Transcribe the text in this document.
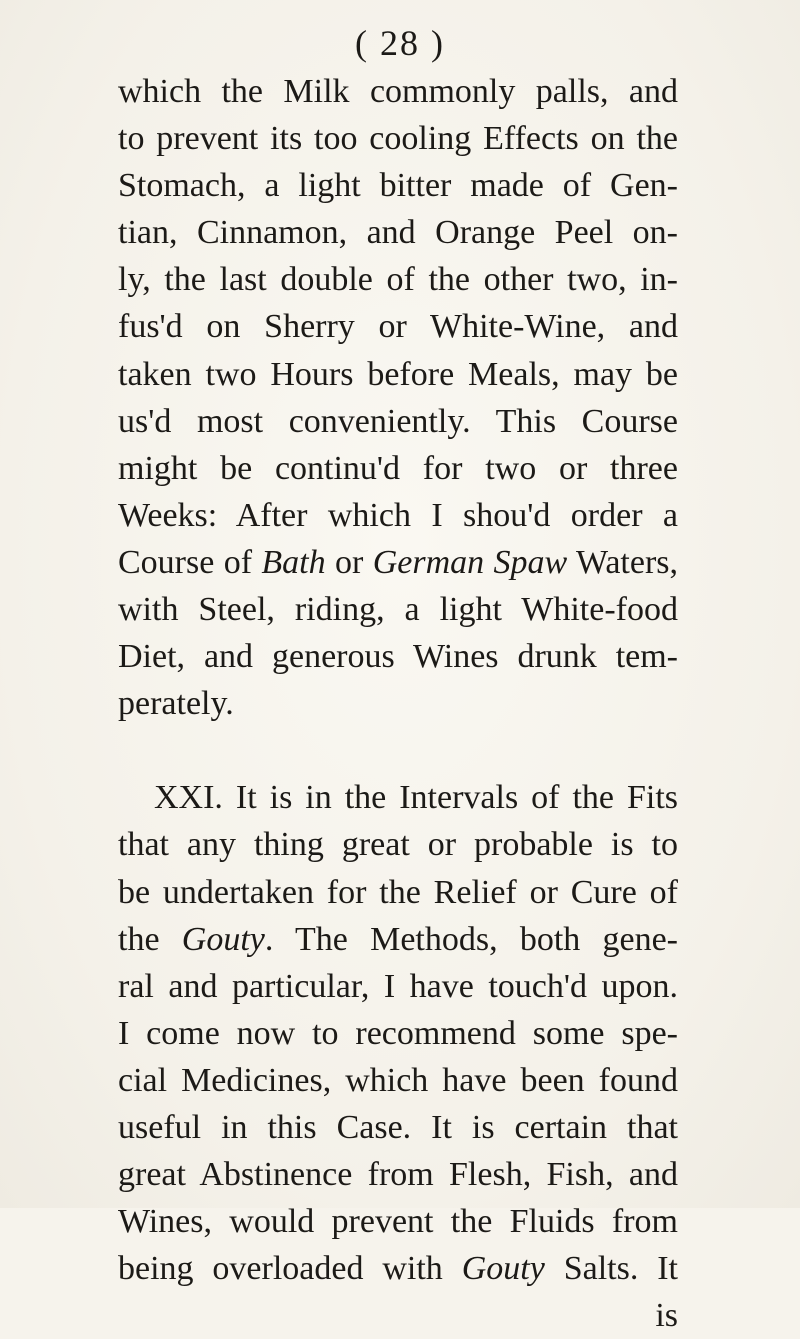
( 28 )
which the Milk commonly palls, and
to prevent its too cooling Effects on the
Stomach, a light bitter made of Gen-
tian, Cinnamon, and Orange Peel on-
ly, the last double of the other two, in-
fus'd on Sherry or White-Wine, and
taken two Hours before Meals, may be
us'd most conveniently. This Course
might be continu'd for two or three
Weeks: After which I shou'd order a
Course of Bath or German Spaw Waters,
with Steel, riding, a light White-food
Diet, and generous Wines drunk tem-
perately.
XXI. It is in the Intervals of the Fits
that any thing great or probable is to
be undertaken for the Relief or Cure of
the Gouty. The Methods, both gene-
ral and particular, I have touch'd upon.
I come now to recommend some spe-
cial Medicines, which have been found
useful in this Case. It is certain that
great Abstinence from Flesh, Fish, and
Wines, would prevent the Fluids from
being overloaded with Gouty Salts. It
is
